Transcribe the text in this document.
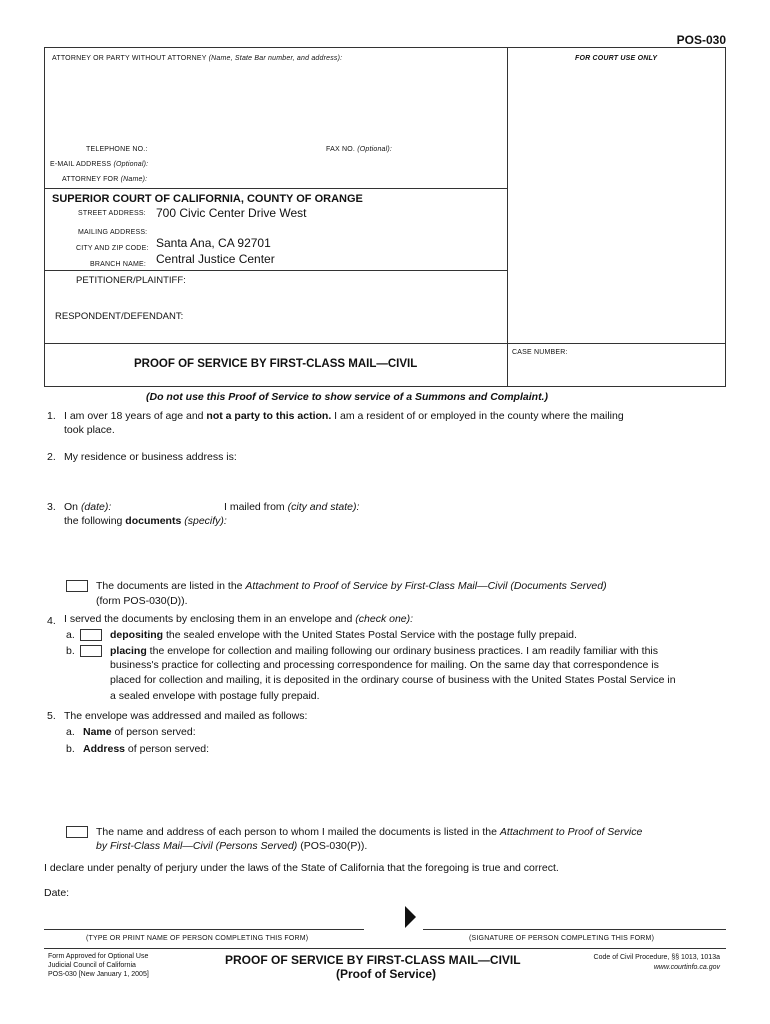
POS-030
ATTORNEY OR PARTY WITHOUT ATTORNEY (Name, State Bar number, and address):	FOR COURT USE ONLY
TELEPHONE NO.:	FAX NO. (Optional):
E-MAIL ADDRESS (Optional):
ATTORNEY FOR (Name):
SUPERIOR COURT OF CALIFORNIA, COUNTY OF ORANGE
STREET ADDRESS: 700 Civic Center Drive West
MAILING ADDRESS:
CITY AND ZIP CODE: Santa Ana, CA 92701
BRANCH NAME: Central Justice Center
PETITIONER/PLAINTIFF:
RESPONDENT/DEFENDANT:
PROOF OF SERVICE BY FIRST-CLASS MAIL—CIVIL
CASE NUMBER:
(Do not use this Proof of Service to show service of a Summons and Complaint.)
1. I am over 18 years of age and not a party to this action. I am a resident of or employed in the county where the mailing
took place.
2. My residence or business address is:
3. On (date):	I mailed from (city and state):
the following documents (specify):
The documents are listed in the Attachment to Proof of Service by First-Class Mail—Civil (Documents Served)
(form POS-030(D)).
4. I served the documents by enclosing them in an envelope and (check one):
a.	depositing the sealed envelope with the United States Postal Service with the postage fully prepaid.
b.	placing the envelope for collection and mailing following our ordinary business practices. I am readily familiar with this
business's practice for collecting and processing correspondence for mailing. On the same day that correspondence is
placed for collection and mailing, it is deposited in the ordinary course of business with the United States Postal Service in
a sealed envelope with postage fully prepaid.
5. The envelope was addressed and mailed as follows:
a. Name of person served:
b. Address of person served:
The name and address of each person to whom I mailed the documents is listed in the Attachment to Proof of Service
by First-Class Mail—Civil (Persons Served) (POS-030(P)).
I declare under penalty of perjury under the laws of the State of California that the foregoing is true and correct.
Date:
(TYPE OR PRINT NAME OF PERSON COMPLETING THIS FORM)	(SIGNATURE OF PERSON COMPLETING THIS FORM)
Form Approved for Optional Use
Judicial Council of California
POS-030 [New January 1, 2005]
PROOF OF SERVICE BY FIRST-CLASS MAIL—CIVIL
(Proof of Service)
Code of Civil Procedure, §§ 1013, 1013a
www.courtinfo.ca.gov
